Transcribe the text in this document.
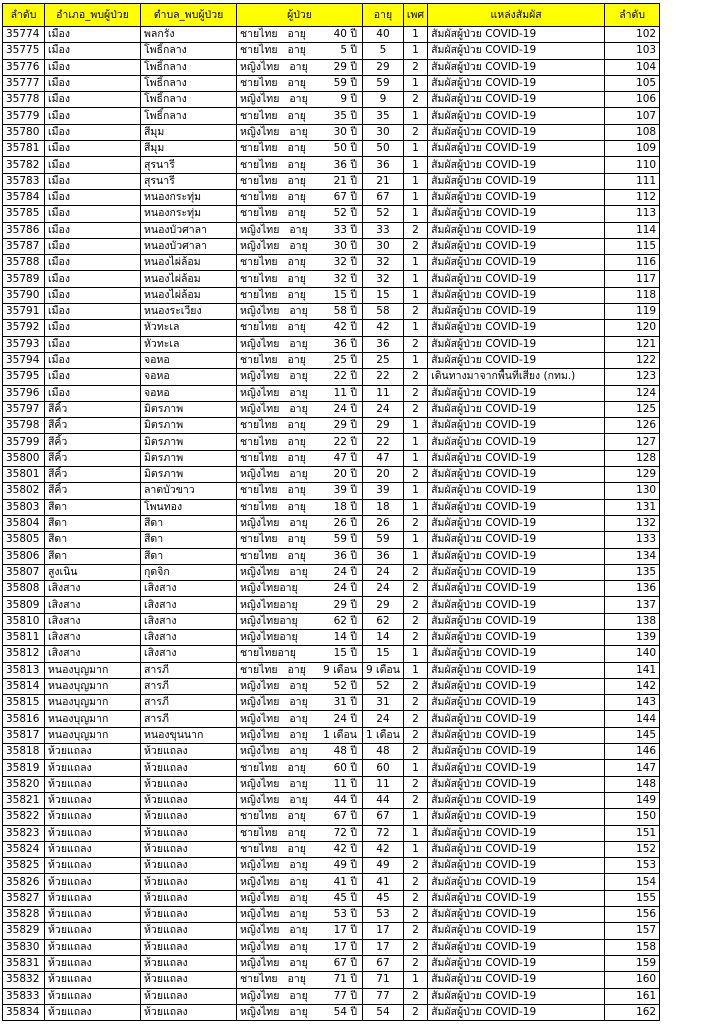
ลำดับ	อำเภอ_พบผู้ป่วย	ตำบล_พบผู้ป่วย	ผู้ป่วย	อายุ	เพศ	แหล่งสัมผัส	ลำดับ
35774	เมือง	พลกรัง	ชายไทย   อายุ 40 ปี	40	1	สัมผัสผู้ป่วย COVID-19	102
35775	เมือง	โพธิ์กลาง	ชายไทย   อายุ 5 ปี	5	1	สัมผัสผู้ป่วย COVID-19	103
35776	เมือง	โพธิ์กลาง	หญิงไทย   อายุ 29 ปี	29	2	สัมผัสผู้ป่วย COVID-19	104
35777	เมือง	โพธิ์กลาง	ชายไทย   อายุ 59 ปี	59	1	สัมผัสผู้ป่วย COVID-19	105
35778	เมือง	โพธิ์กลาง	หญิงไทย   อายุ 9 ปี	9	2	สัมผัสผู้ป่วย COVID-19	106
35779	เมือง	โพธิ์กลาง	ชายไทย   อายุ 35 ปี	35	1	สัมผัสผู้ป่วย COVID-19	107
35780	เมือง	สีมุม	หญิงไทย   อายุ 30 ปี	30	2	สัมผัสผู้ป่วย COVID-19	108
35781	เมือง	สีมุม	ชายไทย   อายุ 50 ปี	50	1	สัมผัสผู้ป่วย COVID-19	109
35782	เมือง	สุรนารี	ชายไทย   อายุ 36 ปี	36	1	สัมผัสผู้ป่วย COVID-19	110
35783	เมือง	สุรนารี	ชายไทย   อายุ 21 ปี	21	1	สัมผัสผู้ป่วย COVID-19	111
35784	เมือง	หนองกระทุ่ม	ชายไทย   อายุ 67 ปี	67	1	สัมผัสผู้ป่วย COVID-19	112
35785	เมือง	หนองกระทุ่ม	ชายไทย   อายุ 52 ปี	52	1	สัมผัสผู้ป่วย COVID-19	113
35786	เมือง	หนองบัวศาลา	หญิงไทย   อายุ 33 ปี	33	2	สัมผัสผู้ป่วย COVID-19	114
35787	เมือง	หนองบัวศาลา	หญิงไทย   อายุ 30 ปี	30	2	สัมผัสผู้ป่วย COVID-19	115
35788	เมือง	หนองไผ่ล้อม	ชายไทย   อายุ 32 ปี	32	1	สัมผัสผู้ป่วย COVID-19	116
35789	เมือง	หนองไผ่ล้อม	ชายไทย   อายุ 32 ปี	32	1	สัมผัสผู้ป่วย COVID-19	117
35790	เมือง	หนองไผ่ล้อม	ชายไทย   อายุ 15 ปี	15	1	สัมผัสผู้ป่วย COVID-19	118
35791	เมือง	หนองระเวียง	หญิงไทย   อายุ 58 ปี	58	2	สัมผัสผู้ป่วย COVID-19	119
35792	เมือง	หัวทะเล	ชายไทย   อายุ 42 ปี	42	1	สัมผัสผู้ป่วย COVID-19	120
35793	เมือง	หัวทะเล	หญิงไทย   อายุ 36 ปี	36	2	สัมผัสผู้ป่วย COVID-19	121
35794	เมือง	จอหอ	ชายไทย   อายุ 25 ปี	25	1	สัมผัสผู้ป่วย COVID-19	122
35795	เมือง	จอหอ	หญิงไทย   อายุ 22 ปี	22	2	เดินทางมาจากพื้นที่เสี่ยง (กทม.)	123
35796	เมือง	จอหอ	หญิงไทย   อายุ 11 ปี	11	2	สัมผัสผู้ป่วย COVID-19	124
35797	สีคิ้ว	มิตรภาพ	หญิงไทย   อายุ 24 ปี	24	2	สัมผัสผู้ป่วย COVID-19	125
35798	สีคิ้ว	มิตรภาพ	ชายไทย   อายุ 29 ปี	29	1	สัมผัสผู้ป่วย COVID-19	126
35799	สีคิ้ว	มิตรภาพ	ชายไทย   อายุ 22 ปี	22	1	สัมผัสผู้ป่วย COVID-19	127
35800	สีคิ้ว	มิตรภาพ	ชายไทย   อายุ 47 ปี	47	1	สัมผัสผู้ป่วย COVID-19	128
35801	สีคิ้ว	มิตรภาพ	หญิงไทย   อายุ 20 ปี	20	2	สัมผัสผู้ป่วย COVID-19	129
35802	สีคิ้ว	ลาดบัวขาว	ชายไทย   อายุ 39 ปี	39	1	สัมผัสผู้ป่วย COVID-19	130
35803	สีดา	โพนทอง	ชายไทย   อายุ 18 ปี	18	1	สัมผัสผู้ป่วย COVID-19	131
35804	สีดา	สีดา	หญิงไทย   อายุ 26 ปี	26	2	สัมผัสผู้ป่วย COVID-19	132
35805	สีดา	สีดา	ชายไทย   อายุ 59 ปี	59	1	สัมผัสผู้ป่วย COVID-19	133
35806	สีดา	สีดา	ชายไทย   อายุ 36 ปี	36	1	สัมผัสผู้ป่วย COVID-19	134
35807	สูงเนิน	กุดจิก	หญิงไทย   อายุ 24 ปี	24	2	สัมผัสผู้ป่วย COVID-19	135
35808	เสิงสาง	เสิงสาง	หญิงไทยอายุ 24 ปี	24	2	สัมผัสผู้ป่วย COVID-19	136
35809	เสิงสาง	เสิงสาง	หญิงไทยอายุ 29 ปี	29	2	สัมผัสผู้ป่วย COVID-19	137
35810	เสิงสาง	เสิงสาง	หญิงไทยอายุ 62 ปี	62	2	สัมผัสผู้ป่วย COVID-19	138
35811	เสิงสาง	เสิงสาง	หญิงไทยอายุ 14 ปี	14	2	สัมผัสผู้ป่วย COVID-19	139
35812	เสิงสาง	เสิงสาง	ชายไทยอายุ 15 ปี	15	1	สัมผัสผู้ป่วย COVID-19	140
35813	หนองบุญมาก	สารภี	ชายไทย   อายุ 9 เดือน	9 เดือน	1	สัมผัสผู้ป่วย COVID-19	141
35814	หนองบุญมาก	สารภี	หญิงไทย   อายุ 52 ปี	52	2	สัมผัสผู้ป่วย COVID-19	142
35815	หนองบุญมาก	สารภี	หญิงไทย   อายุ 31 ปี	31	2	สัมผัสผู้ป่วย COVID-19	143
35816	หนองบุญมาก	สารภี	หญิงไทย   อายุ 24 ปี	24	2	สัมผัสผู้ป่วย COVID-19	144
35817	หนองบุญมาก	หนองขุนนาก	หญิงไทย   อายุ 1 เดือน	1 เดือน	2	สัมผัสผู้ป่วย COVID-19	145
35818	ห้วยแถลง	ห้วยแถลง	หญิงไทย   อายุ 48 ปี	48	2	สัมผัสผู้ป่วย COVID-19	146
35819	ห้วยแถลง	ห้วยแถลง	ชายไทย   อายุ 60 ปี	60	1	สัมผัสผู้ป่วย COVID-19	147
35820	ห้วยแถลง	ห้วยแถลง	หญิงไทย   อายุ 11 ปี	11	2	สัมผัสผู้ป่วย COVID-19	148
35821	ห้วยแถลง	ห้วยแถลง	หญิงไทย   อายุ 44 ปี	44	2	สัมผัสผู้ป่วย COVID-19	149
35822	ห้วยแถลง	ห้วยแถลง	ชายไทย   อายุ 67 ปี	67	1	สัมผัสผู้ป่วย COVID-19	150
35823	ห้วยแถลง	ห้วยแถลง	ชายไทย   อายุ 72 ปี	72	1	สัมผัสผู้ป่วย COVID-19	151
35824	ห้วยแถลง	ห้วยแถลง	ชายไทย   อายุ 42 ปี	42	1	สัมผัสผู้ป่วย COVID-19	152
35825	ห้วยแถลง	ห้วยแถลง	หญิงไทย   อายุ 49 ปี	49	2	สัมผัสผู้ป่วย COVID-19	153
35826	ห้วยแถลง	ห้วยแถลง	หญิงไทย   อายุ 41 ปี	41	2	สัมผัสผู้ป่วย COVID-19	154
35827	ห้วยแถลง	ห้วยแถลง	หญิงไทย   อายุ 45 ปี	45	2	สัมผัสผู้ป่วย COVID-19	155
35828	ห้วยแถลง	ห้วยแถลง	หญิงไทย   อายุ 53 ปี	53	2	สัมผัสผู้ป่วย COVID-19	156
35829	ห้วยแถลง	ห้วยแถลง	หญิงไทย   อายุ 17 ปี	17	2	สัมผัสผู้ป่วย COVID-19	157
35830	ห้วยแถลง	ห้วยแถลง	หญิงไทย   อายุ 17 ปี	17	2	สัมผัสผู้ป่วย COVID-19	158
35831	ห้วยแถลง	ห้วยแถลง	หญิงไทย   อายุ 67 ปี	67	2	สัมผัสผู้ป่วย COVID-19	159
35832	ห้วยแถลง	ห้วยแถลง	ชายไทย   อายุ 71 ปี	71	1	สัมผัสผู้ป่วย COVID-19	160
35833	ห้วยแถลง	ห้วยแถลง	หญิงไทย   อายุ 77 ปี	77	2	สัมผัสผู้ป่วย COVID-19	161
35834	ห้วยแถลง	ห้วยแถลง	หญิงไทย   อายุ 54 ปี	54	2	สัมผัสผู้ป่วย COVID-19	162
